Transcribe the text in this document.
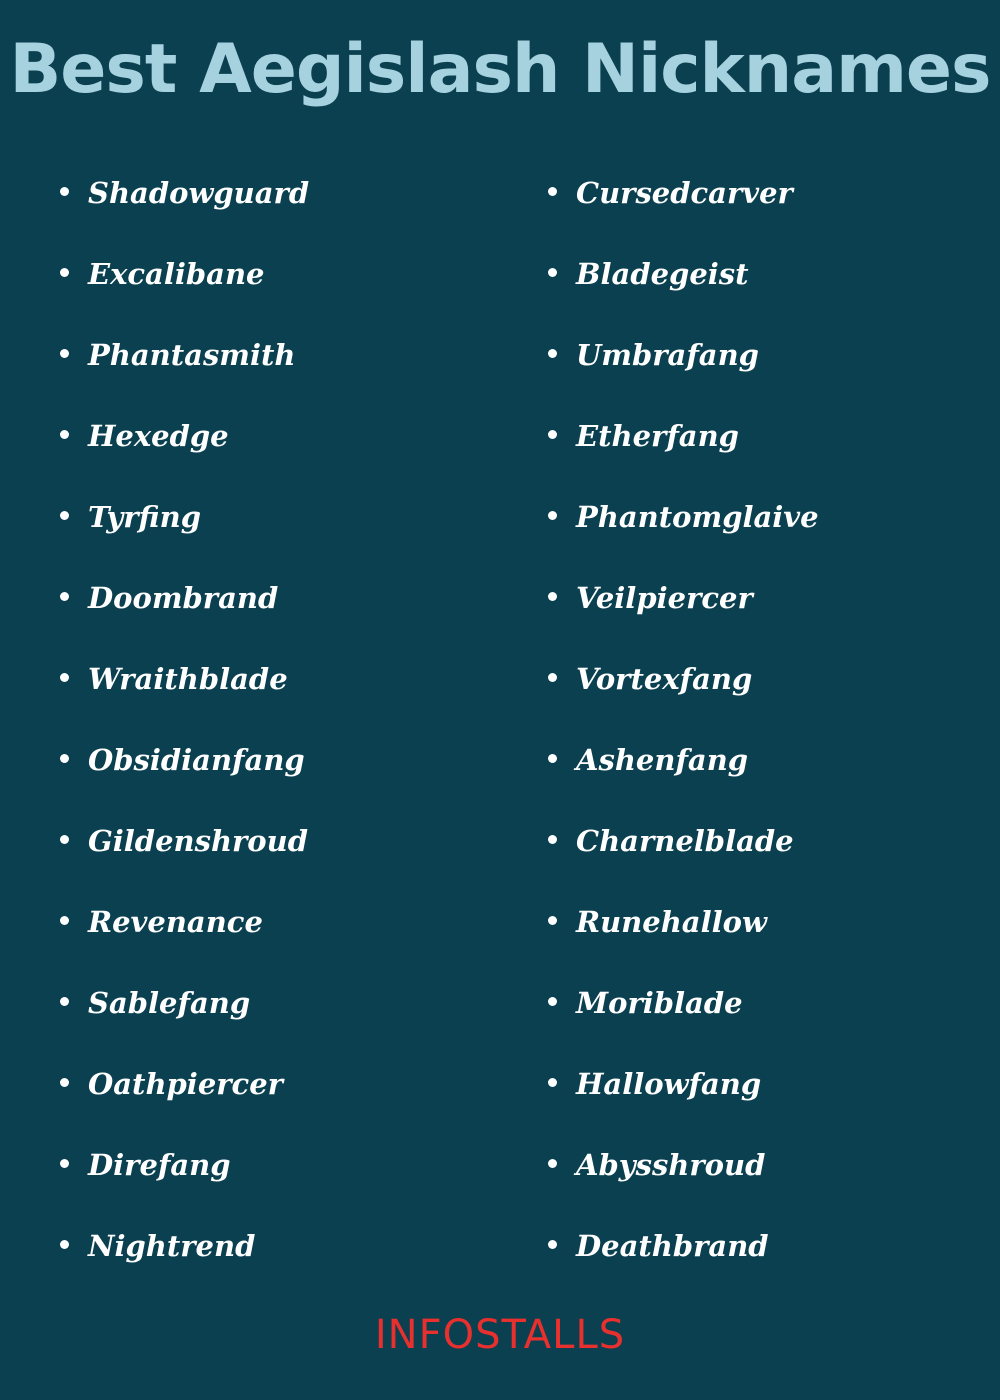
Best Aegislash Nicknames
Shadowguard
Excalibane
Phantasmith
Hexedge
Tyrfing
Doombrand
Wraithblade
Obsidianfang
Gildenshroud
Revenance
Sablefang
Oathpiercer
Direfang
Nightrend
Cursedcarver
Bladegeist
Umbrafang
Etherfang
Phantomglaive
Veilpiercer
Vortexfang
Ashenfang
Charnelblade
Runehallow
Moriblade
Hallowfang
Abysshroud
Deathbrand
INFOSTALLS
